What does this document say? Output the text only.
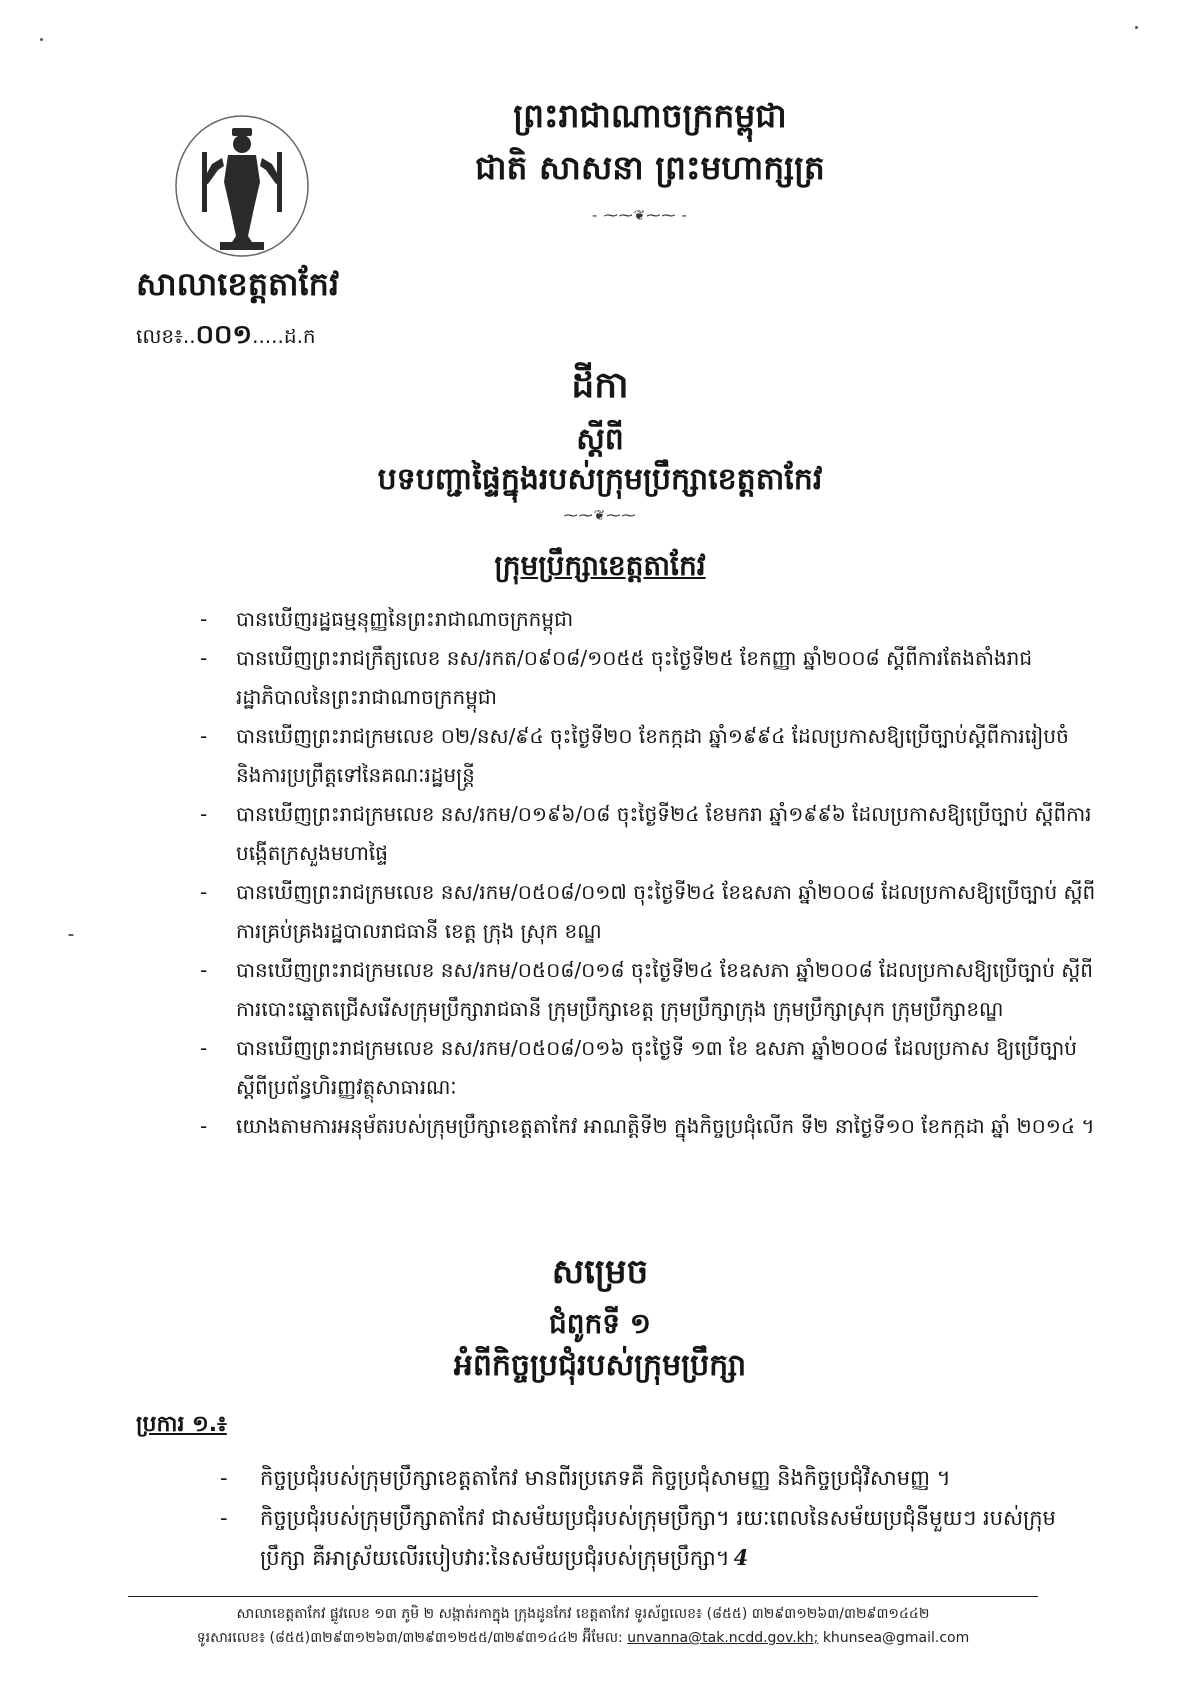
ព្រះរាជាណាចក្រកម្ពុជា
ជាតិ សាសនា ព្រះមហាក្សត្រ
- ⁓⁓❦⁓⁓ -
សាលាខេត្តតាកែវ
លេខ៖..០០១.....ដ.ក
ដីកា
ស្តីពី
បទបញ្ជាផ្ទៃក្នុងរបស់ក្រុមប្រឹក្សាខេត្តតាកែវ
⁓⁓❦⁓⁓
ក្រុមប្រឹក្សាខេត្តតាកែវ
- បានឃើញរដ្ឋធម្មនុញ្ញនៃព្រះរាជាណាចក្រកម្ពុជា
- បានឃើញព្រះរាជក្រឹត្យលេខ នស/រកត/០៩០៨/១០៥៥ ចុះថ្ងៃទី២៥ ខែកញ្ញា ឆ្នាំ២០០៨ ស្តីពីការតែងតាំងរាជរដ្ឋាភិបាលនៃព្រះរាជាណាចក្រកម្ពុជា
- បានឃើញព្រះរាជក្រមលេខ ០២/នស/៩៤ ចុះថ្ងៃទី២០ ខែកក្កដា ឆ្នាំ១៩៩៤ ដែលប្រកាសឱ្យប្រើច្បាប់ស្តីពីការរៀបចំ និងការប្រព្រឹត្តទៅនៃគណៈរដ្ឋមន្ត្រី
- បានឃើញព្រះរាជក្រមលេខ នស/រកម/០១៩៦/០៨ ចុះថ្ងៃទី២៤ ខែមករា ឆ្នាំ១៩៩៦ ដែលប្រកាសឱ្យប្រើច្បាប់ ស្តីពីការបង្កើតក្រសួងមហាផ្ទៃ
- បានឃើញព្រះរាជក្រមលេខ នស/រកម/០៥០៨/០១៧ ចុះថ្ងៃទី២៤ ខែឧសភា ឆ្នាំ២០០៨ ដែលប្រកាសឱ្យប្រើច្បាប់ ស្តីពីការគ្រប់គ្រងរដ្ឋបាលរាជធានី ខេត្ត ក្រុង ស្រុក ខណ្ឌ
- បានឃើញព្រះរាជក្រមលេខ នស/រកម/០៥០៨/០១៨ ចុះថ្ងៃទី២៤ ខែឧសភា ឆ្នាំ២០០៨ ដែលប្រកាសឱ្យប្រើច្បាប់ ស្តីពីការបោះឆ្នោតជ្រើសរើសក្រុមប្រឹក្សារាជធានី ក្រុមប្រឹក្សាខេត្ត ក្រុមប្រឹក្សាក្រុង ក្រុមប្រឹក្សាស្រុក ក្រុមប្រឹក្សាខណ្ឌ
- បានឃើញព្រះរាជក្រមលេខ នស/រកម/០៥០៨/០១៦ ចុះថ្ងៃទី ១៣ ខែ ឧសភា ឆ្នាំ២០០៨ ដែលប្រកាស ឱ្យប្រើច្បាប់ស្តីពីប្រព័ន្ធហិរញ្ញវត្ថុសាធារណៈ
- យោងតាមការអនុម័តរបស់ក្រុមប្រឹក្សាខេត្តតាកែវ អាណត្តិទី២ ក្នុងកិច្ចប្រជុំលើក ទី២ នាថ្ងៃទី១០ ខែកក្កដា ឆ្នាំ ២០១៤ ។
សម្រេច
ជំពូកទី ១
អំពីកិច្ចប្រជុំរបស់ក្រុមប្រឹក្សា
ប្រការ ១.៖
- កិច្ចប្រជុំរបស់ក្រុមប្រឹក្សាខេត្តតាកែវ មានពីរប្រភេទគឺ កិច្ចប្រជុំសាមញ្ញ និងកិច្ចប្រជុំវិសាមញ្ញ ។
- កិច្ចប្រជុំរបស់ក្រុមប្រឹក្សាតាកែវ ជាសម័យប្រជុំរបស់ក្រុមប្រឹក្សា។ រយៈពេលនៃសម័យប្រជុំនីមួយៗ របស់ក្រុមប្រឹក្សា គឺអាស្រ័យលើរបៀបវារៈនៃសម័យប្រជុំរបស់ក្រុមប្រឹក្សា។ 4
សាលាខេត្តតាកែវ ផ្លូវលេខ ១៣ ភូមិ ២ សង្កាត់រកាក្នុង ក្រុងដូនកែវ ខេត្តតាកែវ ទូរស័ព្ទលេខ៖ (៨៥៥) ៣២៩៣១២៦៣/៣២៩៣១៤៤២
ទូរសារលេខ៖ (៨៥៥)៣២៩៣១២៦៣/៣២៩៣១២៥៥/៣២៩៣១៤៤២ អ៊ីមែល: unvanna@tak.ncdd.gov.kh; khunsea@gmail.com
